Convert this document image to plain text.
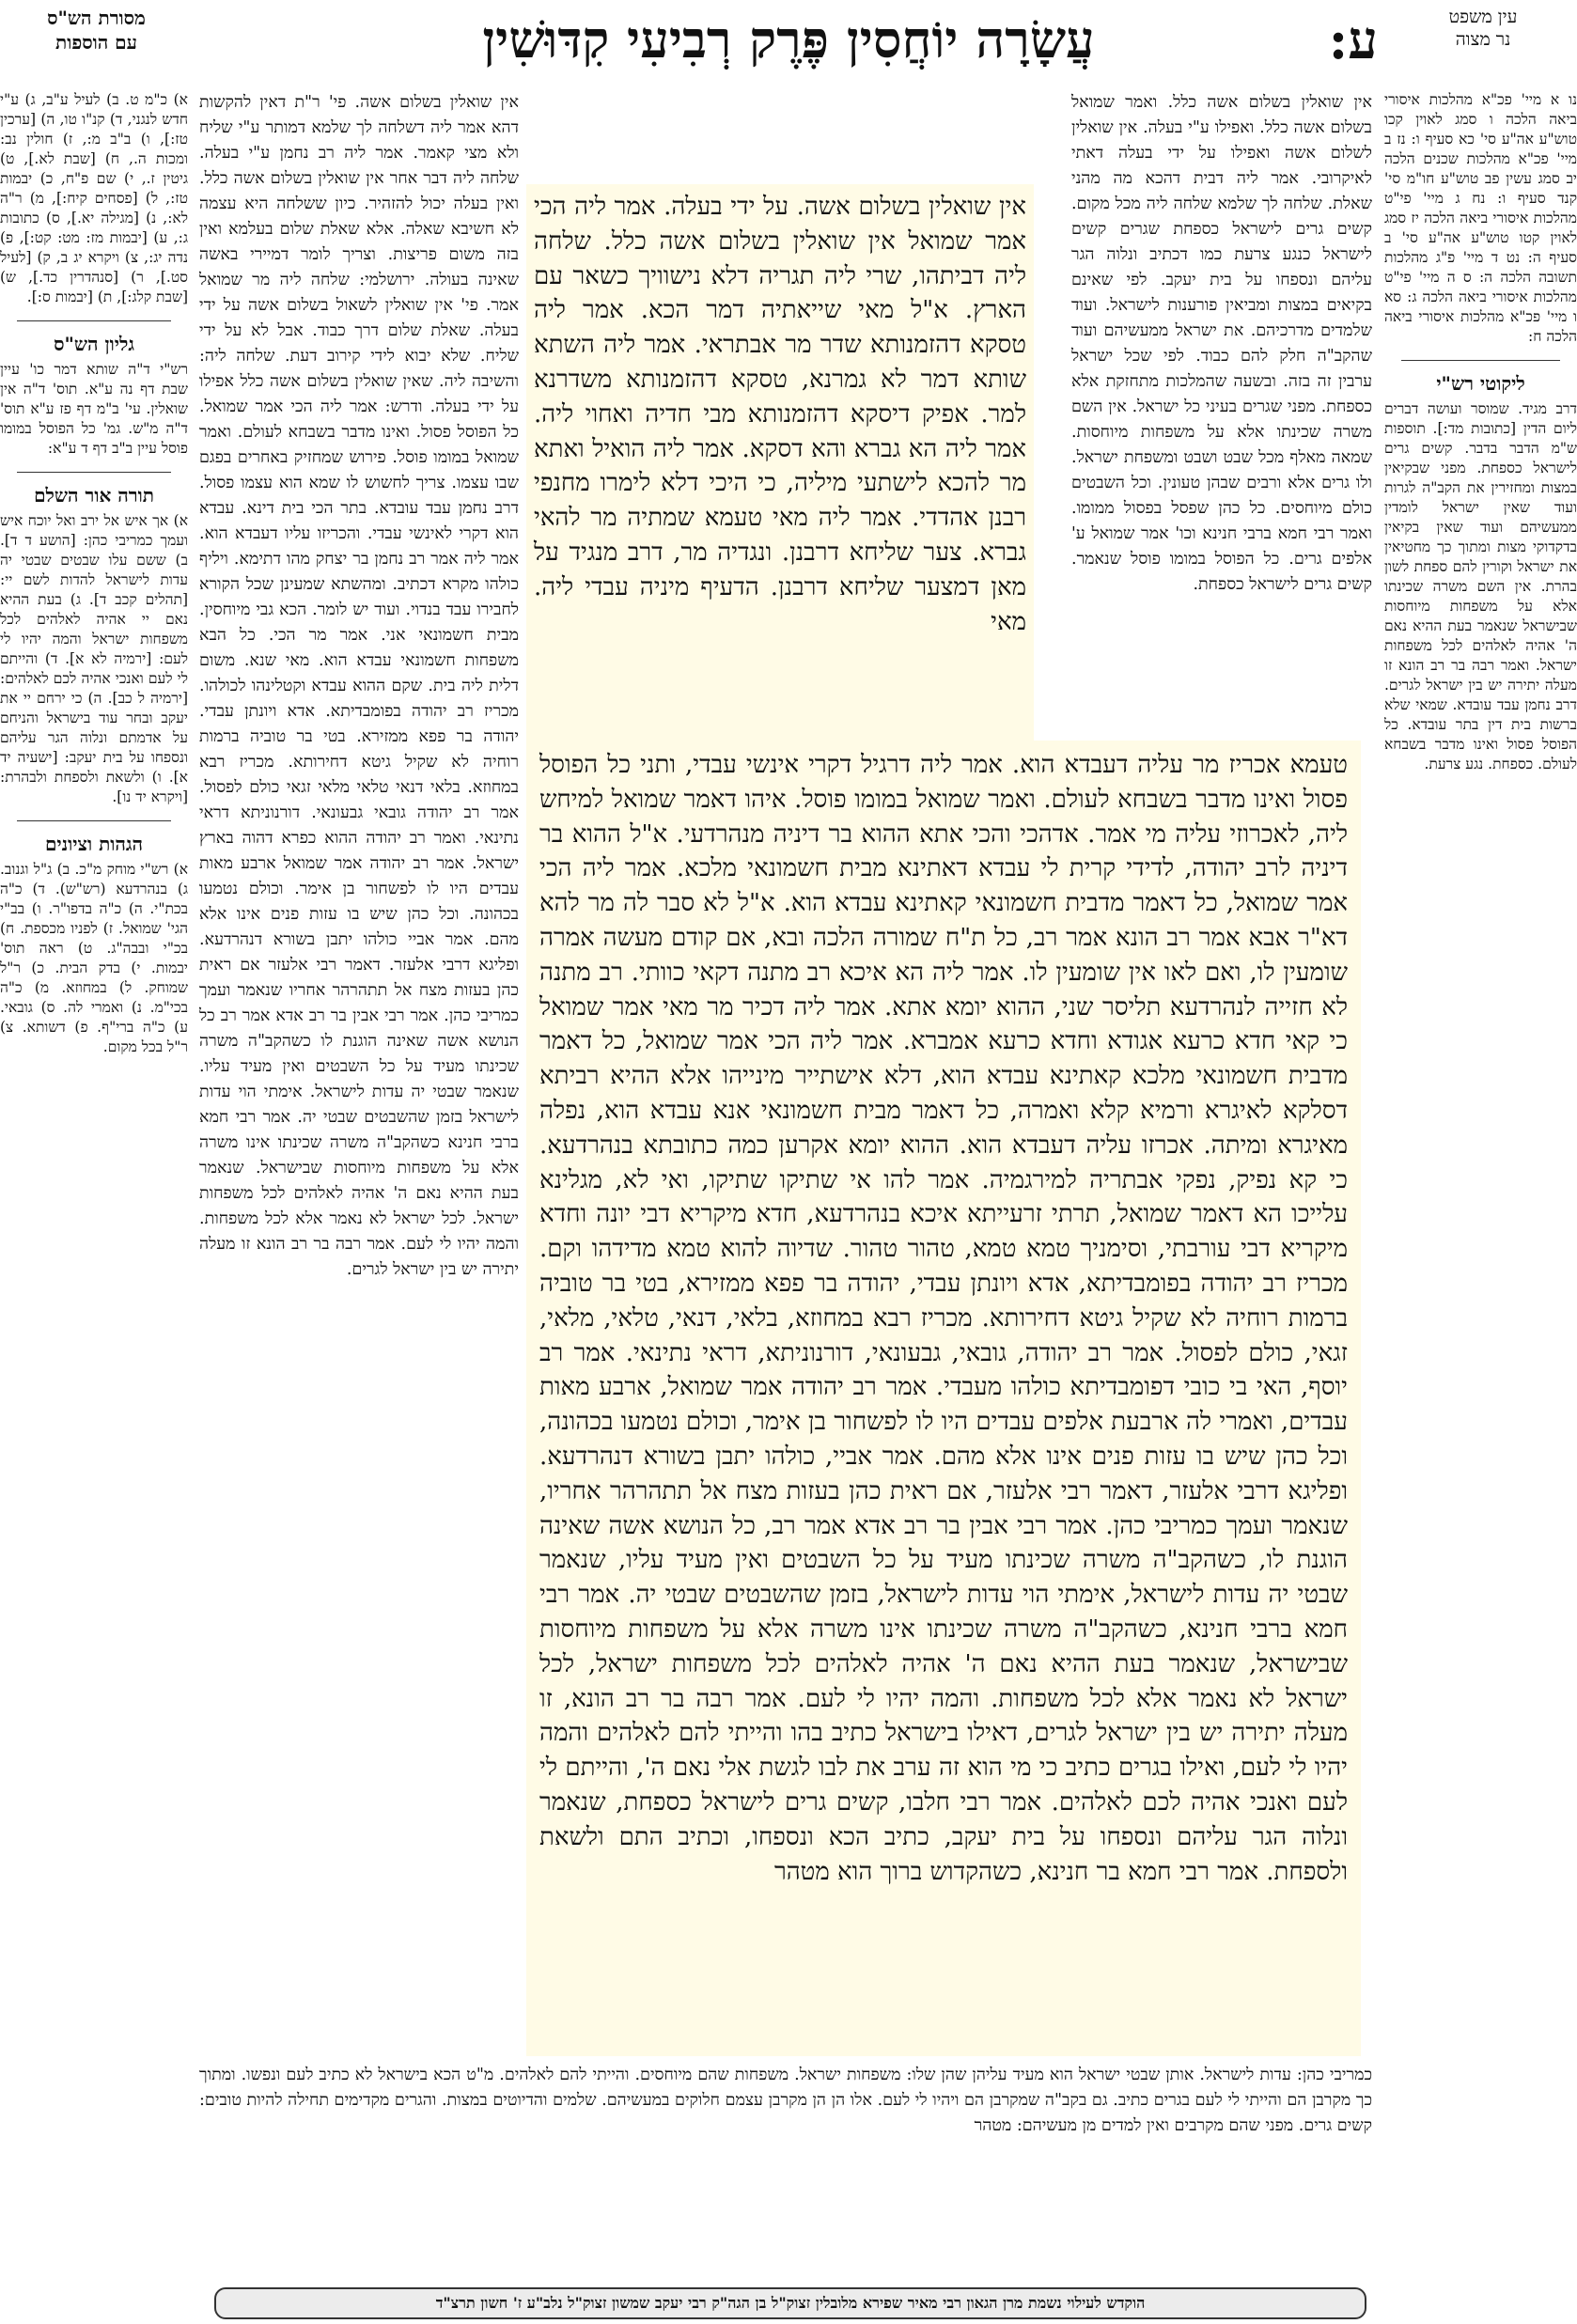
עין משפט
נר מצוה
עֲשָׂרָה יוֹחֲסִין פֶּרֶק רְבִיעִי קִדּוּשִׁין	ע:
מסורת הש"ס
עם הוספות
נו א מיי' פכ"א מהלכות איסורי ביאה הלכה ו סמג לאוין קכו טוש"ע אה"ע סי' כא סעיף ו: נז ב מיי' פכ"א מהלכות שכנים הלכה יב סמג עשין פב טוש"ע חו"מ סי' קנד סעיף ו: נח ג מיי' פי"ט מהלכות איסורי ביאה הלכה יז סמג לאוין קטו טוש"ע אה"ע סי' ב סעיף ה: נט ד מיי' פ"ג מהלכות תשובה הלכה ה: ס ה מיי' פי"ט מהלכות איסורי ביאה הלכה ג: סא ו מיי' פכ"א מהלכות איסורי ביאה הלכה ח:
ליקוטי רש"י
דרב מגיד. שמוסר ועושה דברים ליום הדין [כתובות מד:]. תוספות ש"מ הדבר בדבר. קשים גרים לישראל כספחת. מפני שבקיאין במצות ומחזירין את הקב"ה לגרות ועוד שאין ישראל לומדין ממעשיהם ועוד שאין בקיאין בדקדוקי מצות ומתוך כך מחטיאין את ישראל וקורין להם ספחת לשון בהרת. אין השם משרה שכינתו אלא על משפחות מיוחסות שבישראל שנאמר בעת ההיא נאם ה' אהיה לאלהים לכל משפחות ישראל. ואמר רבה בר רב הונא זו מעלה יתירה יש בין ישראל לגרים. דרב נחמן עבד עובדא. שמאי שלא ברשות בית דין בתר עובדא. כל הפוסל פסול ואינו מדבר בשבחא לעולם. כספחת. נגע צרעת.
אין שואלין בשלום אשה כלל. ואמר שמואל בשלום אשה כלל. ואפילו ע"י בעלה. אין שואלין לשלום אשה ואפילו על ידי בעלה דאתי לאיקרובי. אמר ליה דבית דהכא מה מהני שאלת. שלחה לך שלמא שלחה ליה מכל מקום. קשים גרים לישראל כספחת שגרים קשים לישראל כנגע צרעת כמו דכתיב ונלוה הגר עליהם ונספחו על בית יעקב. לפי שאינם בקיאים במצות ומביאין פורענות לישראל. ועוד שלמדים מדרכיהם. את ישראל ממעשיהם ועוד שהקב"ה חלק להם כבוד. לפי שכל ישראל ערבין זה בזה. ובשעה שהמלכות מתחזקת אלא כספחת. מפני שגרים בעיני כל ישראל. אין השם משרה שכינתו אלא על משפחות מיוחסות. שמאה מאלף מכל שבט ושבט ומשפחת ישראל. ולו גרים אלא ורבים שבהן טעונין. וכל השבטים כולם מיוחסים. כל כהן שפסל בפסול ממומו. ואמר רבי חמא ברבי חנינא וכו' אמר שמואל ע' אלפים גרים. כל הפוסל במומו פוסל שנאמר. קשים גרים לישראל כספחת.
אין שואלין בשלום אשה. פי' ר"ת דאין להקשות דהא אמר ליה דשלחה לך שלמא דמותר ע"י שליח ולא מצי קאמר. אמר ליה רב נחמן ע"י בעלה. שלחה ליה דבר אחר אין שואלין בשלום אשה כלל. ואין בעלה יכול להזהיר. כיון ששלחה היא עצמה לא חשיבא שאלה. אלא שאלת שלום בעלמא ואין בזה משום פריצות. וצריך לומר דמיירי באשה שאינה בעולה. ירושלמי: שלחה ליה מר שמואל אמר. פי' אין שואלין לשאול בשלום אשה על ידי בעלה. שאלת שלום דרך כבוד. אבל לא על ידי שליח. שלא יבוא לידי קירוב דעת. שלחה ליה: והשיבה ליה. שאין שואלין בשלום אשה כלל אפילו על ידי בעלה. ודרש: אמר ליה הכי אמר שמואל. כל הפוסל פסול. ואינו מדבר בשבחא לעולם. ואמר שמואל במומו פוסל. פירוש שמחזיק באחרים בפגם שבו עצמו. צריך לחשוש לו שמא הוא עצמו פסול. דרב נחמן עבד עובדא. בתר הכי בית דינא. עבדא הוא דקרי לאינשי עבדי. והכריזו עליו דעבדא הוא. אמר ליה אמר רב נחמן בר יצחק מהו דתימא. ויליף כולהו מקרא דכתיב. ומהשתא שמעינן שכל הקורא לחבירו עבד בנדוי. ועוד יש לומר. הכא גבי מיוחסין. מבית חשמונאי אני. אמר מר הכי. כל הבא משפחות חשמונאי עבדא הוא. מאי שנא. משום דלית ליה בית. שקם ההוא עבדא וקטלינהו לכולהו. מכריז רב יהודה בפומבדיתא. אדא ויונתן עבדי. יהודה בר פפא ממזירא. בטי בר טוביה ברמות רוחיה לא שקיל גיטא דחירותא. מכריז רבא במחוזא. בלאי דנאי טלאי מלאי זגאי כולם לפסול. אמר רב יהודה גובאי גבעונאי. דורנוניתא דראי נתינאי. ואמר רב יהודה ההוא כפרא דהוה בארץ ישראל. אמר רב יהודה אמר שמואל ארבע מאות עבדים היו לו לפשחור בן אימר. וכולם נטמעו בכהונה. וכל כהן שיש בו עזות פנים אינו אלא מהם. אמר אביי כולהו יתבן בשורא דנהרדעא. ופליגא דרבי אלעזר. דאמר רבי אלעזר אם ראית כהן בעזות מצח אל תתהרהר אחריו שנאמר ועמך כמריבי כהן. אמר רבי אבין בר רב אדא אמר רב כל הנושא אשה שאינה הוגנת לו כשהקב"ה משרה שכינתו מעיד על כל השבטים ואין מעיד עליו. שנאמר שבטי יה עדות לישראל. אימתי הוי עדות לישראל בזמן שהשבטים שבטי יה. אמר רבי חמא ברבי חנינא כשהקב"ה משרה שכינתו אינו משרה אלא על משפחות מיוחסות שבישראל. שנאמר בעת ההיא נאם ה' אהיה לאלהים לכל משפחות ישראל. לכל ישראל לא נאמר אלא לכל משפחות. והמה יהיו לי לעם. אמר רבה בר רב הונא זו מעלה יתירה יש בין ישראל לגרים.
אין שואלין בשלום אשה. על ידי בעלה. אמר ליה הכי אמר שמואל אין שואלין בשלום אשה כלל. שלחה ליה דביתהו, שרי ליה תגריה דלא נישוויך כשאר עם הארץ. א"ל מאי שייאתיה דמר הכא. אמר ליה טסקא דהזמנותא שדר מר אבתראי. אמר ליה השתא שותא דמר לא גמרנא, טסקא דהזמנותא משדרנא למר. אפיק דיסקא דהזמנותא מבי חדיה ואחוי ליה. אמר ליה הא גברא והא דסקא. אמר ליה הואיל ואתא מר להכא לישתעי מיליה, כי היכי דלא לימרו מחנפי רבנן אהדדי. אמר ליה מאי טעמא שמתיה מר להאי גברא. צער שליחא דרבנן. ונגדיה מר, דרב מנגיד על מאן דמצער שליחא דרבנן. הדעיף מיניה עבדי ליה. מאי
טעמא אכריז מר עליה דעבדא הוא. אמר ליה דרגיל דקרי אינשי עבדי, ותני כל הפוסל פסול ואינו מדבר בשבחא לעולם. ואמר שמואל במומו פוסל. איהו דאמר שמואל למיחש ליה, לאכרוזי עליה מי אמר. אדהכי והכי אתא ההוא בר דיניה מנהרדעי. א"ל ההוא בר דיניה לרב יהודה, לדידי קרית לי עבדא דאתינא מבית חשמונאי מלכא. אמר ליה הכי אמר שמואל, כל דאמר מדבית חשמונאי קאתינא עבדא הוא. א"ל לא סבר לה מר להא דא"ר אבא אמר רב הונא אמר רב, כל ת"ח שמורה הלכה ובא, אם קודם מעשה אמרה שומעין לו, ואם לאו אין שומעין לו. אמר ליה הא איכא רב מתנה דקאי כוותי. רב מתנה לא חזייה לנהרדעא תליסר שני, ההוא יומא אתא. אמר ליה דכיר מר מאי אמר שמואל כי קאי חדא כרעא אגודא וחדא כרעא אמברא. אמר ליה הכי אמר שמואל, כל דאמר מדבית חשמונאי מלכא קאתינא עבדא הוא, דלא אישתייר מינייהו אלא ההיא רביתא דסלקא לאיגרא ורמיא קלא ואמרה, כל דאמר מבית חשמונאי אנא עבדא הוא, נפלה מאיגרא ומיתה. אכרזו עליה דעבדא הוא. ההוא יומא אקרען כמה כתובתא בנהרדעא. כי קא נפיק, נפקי אבתריה למירגמיה. אמר להו אי שתיקו שתיקו, ואי לא, מגלינא עלייכו הא דאמר שמואל, תרתי זרעייתא איכא בנהרדעא, חדא מיקריא דבי יונה וחדא מיקריא דבי עורבתי, וסימניך טמא טמא, טהור טהור. שדיוה להוא טמא מדידהו וקם. מכריז רב יהודה בפומבדיתא, אדא ויונתן עבדי, יהודה בר פפא ממזירא, בטי בר טוביה ברמות רוחיה לא שקיל גיטא דחירותא. מכריז רבא במחוזא, בלאי, דנאי, טלאי, מלאי, זגאי, כולם לפסול. אמר רב יהודה, גובאי, גבעונאי, דורנוניתא, דראי נתינאי. אמר רב יוסף, האי בי כובי דפומבדיתא כולהו מעבדי. אמר רב יהודה אמר שמואל, ארבע מאות עבדים, ואמרי לה ארבעת אלפים עבדים היו לו לפשחור בן אימר, וכולם נטמעו בכהונה, וכל כהן שיש בו עזות פנים אינו אלא מהם. אמר אביי, כולהו יתבן בשורא דנהרדעא. ופליגא דרבי אלעזר, דאמר רבי אלעזר, אם ראית כהן בעזות מצח אל תתהרהר אחריו, שנאמר ועמך כמריבי כהן. אמר רבי אבין בר רב אדא אמר רב, כל הנושא אשה שאינה הוגנת לו, כשהקב"ה משרה שכינתו מעיד על כל השבטים ואין מעיד עליו, שנאמר שבטי יה עדות לישראל, אימתי הוי עדות לישראל, בזמן שהשבטים שבטי יה. אמר רבי חמא ברבי חנינא, כשהקב"ה משרה שכינתו אינו משרה אלא על משפחות מיוחסות שבישראל, שנאמר בעת ההיא נאם ה' אהיה לאלהים לכל משפחות ישראל, לכל ישראל לא נאמר אלא לכל משפחות. והמה יהיו לי לעם. אמר רבה בר רב הונא, זו מעלה יתירה יש בין ישראל לגרים, דאילו בישראל כתיב בהו והייתי להם לאלהים והמה יהיו לי לעם, ואילו בגרים כתיב כי מי הוא זה ערב את לבו לגשת אלי נאם ה', והייתם לי לעם ואנכי אהיה לכם לאלהים. אמר רבי חלבו, קשים גרים לישראל כספחת, שנאמר ונלוה הגר עליהם ונספחו על בית יעקב, כתיב הכא ונספחו, וכתיב התם ולשאת ולספחת. אמר רבי חמא בר חנינא, כשהקדוש ברוך הוא מטהר
כמריבי כהן: עדות לישראל. אותן שבטי ישראל הוא מעיד עליהן שהן שלו: משפחות ישראל. משפחות שהם מיוחסים. והייתי להם לאלהים. מ"ט הכא בישראל לא כתיב לעם ונפשו. ומתוך כך מקרבן הם והייתי לי לעם בגרים כתיב. גם בקב"ה שמקרבן הם ויהיו לי לעם. אלו הן הן מקרבן עצמם חלוקים במעשיהם. שלמים והדיוטים במצות. והגרים מקדימים תחילה להיות טובים: קשים גרים. מפני שהם מקרבים ואין למדים מן מעשיהם: מטהר
א) כ"מ ט. ב) לעיל ע"ב, ג) ע"י חדש לנגני, ד) קנ"ו טו, ה) [ערכין טז:], ו) ב"ב מ:, ז) חולין נב: ומכות ה., ח) [שבת לא.], ט) גיטין ז., י) שם פ"ח, כ) יבמות טז:, ל) [פסחים קיח:], מ) ר"ה לא:, נ) [מגילה יא.], ס) כתובות ג:, ע) [יבמות מז: מט: קט:], פ) נדה יג:, צ) ויקרא יג ב, ק) [לעיל סט.], ר) [סנהדרין כד.], ש) [שבת קלג:], ת) [יבמות ס:].
גליון הש"ס
רש"י ד"ה שותא דמר כו' עיין שבת דף נה ע"א. תוס' ד"ה אין שואלין. עי' ב"מ דף פז ע"א תוס' ד"ה מ"ש. גמ' כל הפוסל במומו פוסל עיין ב"ב דף ד ע"א:
תורה אור השלם
א) אך איש אל ירב ואל יוכח איש ועמך כמריבי כהן: [הושע ד ד]. ב) ששם עלו שבטים שבטי יה עדות לישראל להדות לשם יי: [תהלים קכב ד]. ג) בעת ההיא נאם יי אהיה לאלהים לכל משפחות ישראל והמה יהיו לי לעם: [ירמיה לא א]. ד) והייתם לי לעם ואנכי אהיה לכם לאלהים: [ירמיה ל כב]. ה) כי ירחם יי את יעקב ובחר עוד בישראל והניחם על אדמתם ונלוה הגר עליהם ונספחו על בית יעקב: [ישעיה יד א]. ו) ולשאת ולספחת ולבהרת: [ויקרא יד נו].
הגהות וציונים
א) רש"י מוחק מ"כ. ב) ג"ל וגנוב. ג) בנהרדעא (רש"ש). ד) כ"ה בכת"י. ה) כ"ה בדפו"ר. ו) בב"י הגי' שמואל. ז) לפניו מכספת. ח) בכ"י ובבה"ג. ט) ראה תוס' יבמות. י) בדק הבית. כ) ר"ל שמוחק. ל) במחוזא. מ) כ"ה בכי"מ. נ) ואמרי לה. ס) גובאי. ע) כ"ה ברי"ף. פ) דשותא. צ) ר"ל בכל מקום.
הוקדש לעילוי נשמת מרן הגאון רבי מאיר שפירא מלובלין זצוק"ל בן הגה"ק רבי יעקב שמשון זצוק"ל נלב"ע ז' חשון תרצ"ד
